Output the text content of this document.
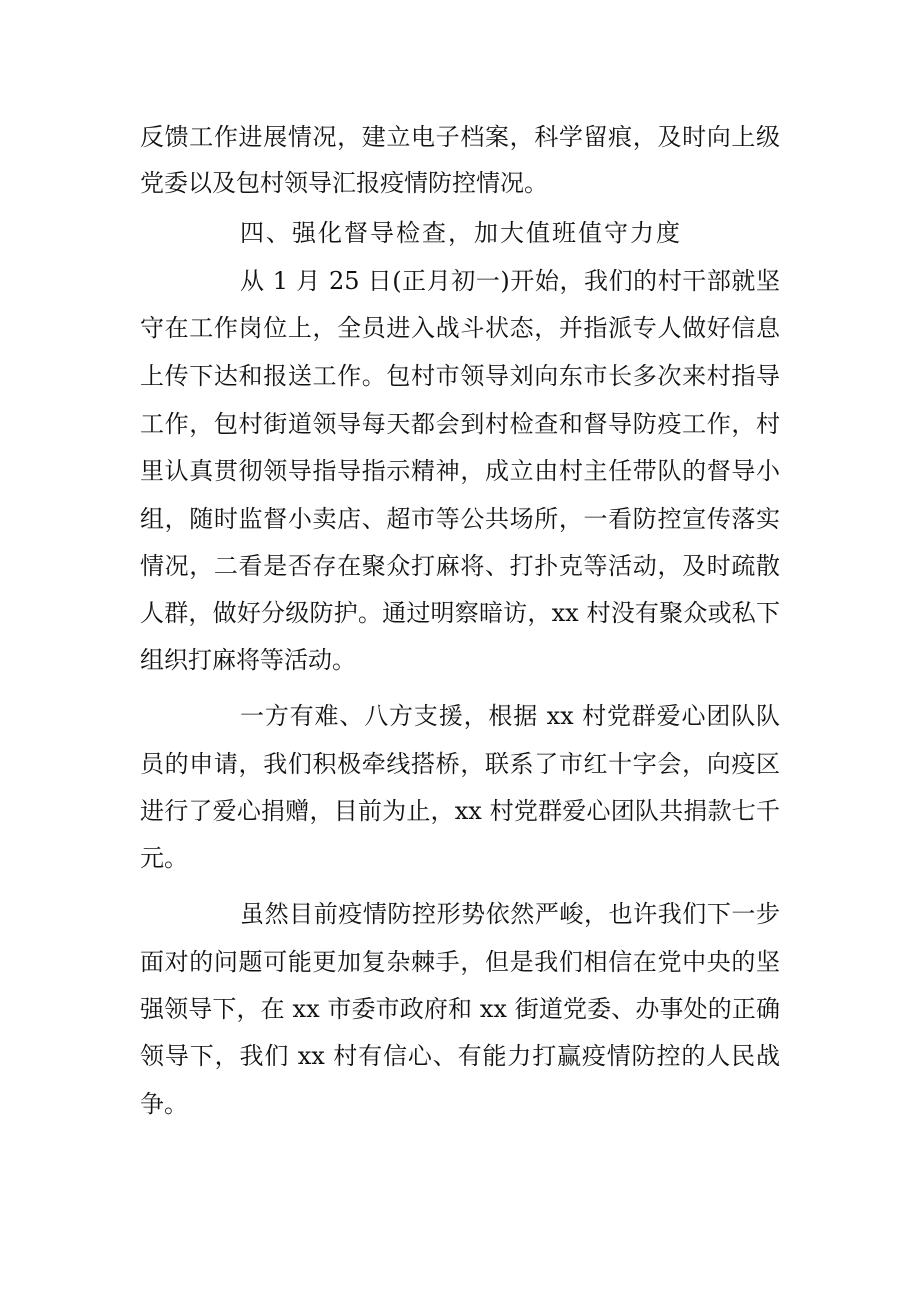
反馈工作进展情况，建立电子档案，科学留痕，及时向上级
党委以及包村领导汇报疫情防控情况。
四、强化督导检查，加大值班值守力度
从 1 月 25 日(正月初一)开始，我们的村干部就坚
守在工作岗位上，全员进入战斗状态，并指派专人做好信息
上传下达和报送工作。包村市领导刘向东市长多次来村指导
工作，包村街道领导每天都会到村检查和督导防疫工作，村
里认真贯彻领导指导指示精神，成立由村主任带队的督导小
组，随时监督小卖店、超市等公共场所，一看防控宣传落实
情况，二看是否存在聚众打麻将、打扑克等活动，及时疏散
人群，做好分级防护。通过明察暗访，xx 村没有聚众或私下
组织打麻将等活动。
一方有难、八方支援，根据 xx 村党群爱心团队队
员的申请，我们积极牵线搭桥，联系了市红十字会，向疫区
进行了爱心捐赠，目前为止，xx 村党群爱心团队共捐款七千
元。
虽然目前疫情防控形势依然严峻，也许我们下一步
面对的问题可能更加复杂棘手，但是我们相信在党中央的坚
强领导下，在 xx 市委市政府和 xx 街道党委、办事处的正确
领导下，我们 xx 村有信心、有能力打赢疫情防控的人民战
争。
